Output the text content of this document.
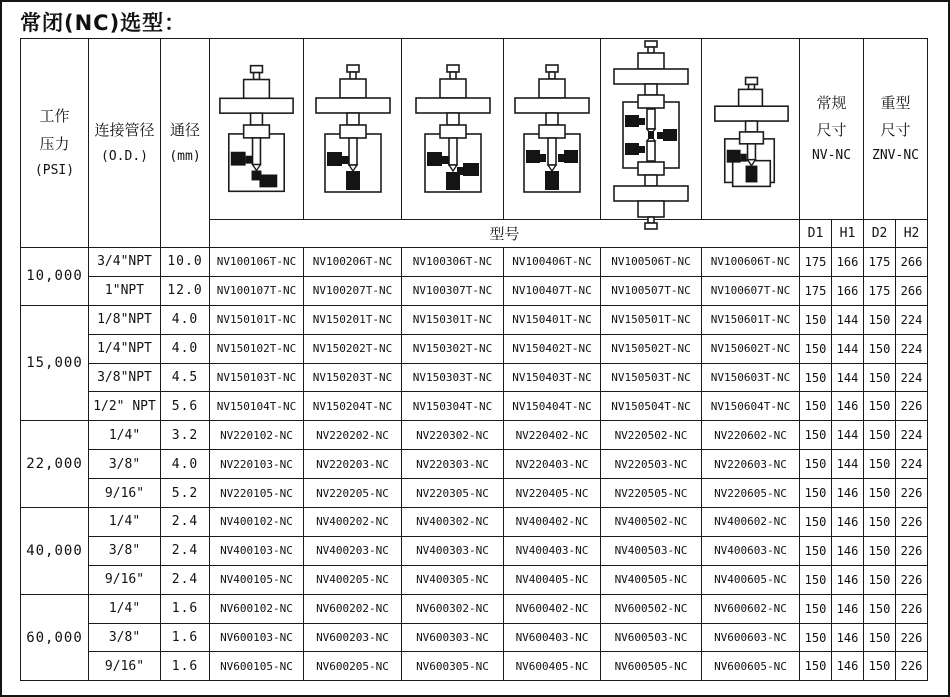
常闭(NC)选型：
工作
压力
(PSI)	连接管径
(O.D.)	通径
(mm)							常规
尺寸
NV-NC		重型
尺寸
ZNV-NC	

			型号						D1	H1	D2	H2
10,000	3/4"NPT	10.0	NV100106T-NC	NV100206T-NC	NV100306T-NC	NV100406T-NC	NV100506T-NC	NV100606T-NC	175	166	175	266
	1"NPT	12.0	NV100107T-NC	NV100207T-NC	NV100307T-NC	NV100407T-NC	NV100507T-NC	NV100607T-NC	175	166	175	266
15,000	1/8"NPT	4.0	NV150101T-NC	NV150201T-NC	NV150301T-NC	NV150401T-NC	NV150501T-NC	NV150601T-NC	150	144	150	224
	1/4"NPT	4.0	NV150102T-NC	NV150202T-NC	NV150302T-NC	NV150402T-NC	NV150502T-NC	NV150602T-NC	150	144	150	224
	3/8"NPT	4.5	NV150103T-NC	NV150203T-NC	NV150303T-NC	NV150403T-NC	NV150503T-NC	NV150603T-NC	150	144	150	224
	1/2" NPT	5.6	NV150104T-NC	NV150204T-NC	NV150304T-NC	NV150404T-NC	NV150504T-NC	NV150604T-NC	150	146	150	226
22,000	1/4"	3.2	NV220102-NC	NV220202-NC	NV220302-NC	NV220402-NC	NV220502-NC	NV220602-NC	150	144	150	224
	3/8"	4.0	NV220103-NC	NV220203-NC	NV220303-NC	NV220403-NC	NV220503-NC	NV220603-NC	150	144	150	224
	9/16"	5.2	NV220105-NC	NV220205-NC	NV220305-NC	NV220405-NC	NV220505-NC	NV220605-NC	150	146	150	226
40,000	1/4"	2.4	NV400102-NC	NV400202-NC	NV400302-NC	NV400402-NC	NV400502-NC	NV400602-NC	150	146	150	226
	3/8"	2.4	NV400103-NC	NV400203-NC	NV400303-NC	NV400403-NC	NV400503-NC	NV400603-NC	150	146	150	226
	9/16"	2.4	NV400105-NC	NV400205-NC	NV400305-NC	NV400405-NC	NV400505-NC	NV400605-NC	150	146	150	226
60,000	1/4"	1.6	NV600102-NC	NV600202-NC	NV600302-NC	NV600402-NC	NV600502-NC	NV600602-NC	150	146	150	226
	3/8"	1.6	NV600103-NC	NV600203-NC	NV600303-NC	NV600403-NC	NV600503-NC	NV600603-NC	150	146	150	226
	9/16"	1.6	NV600105-NC	NV600205-NC	NV600305-NC	NV600405-NC	NV600505-NC	NV600605-NC	150	146	150	226
